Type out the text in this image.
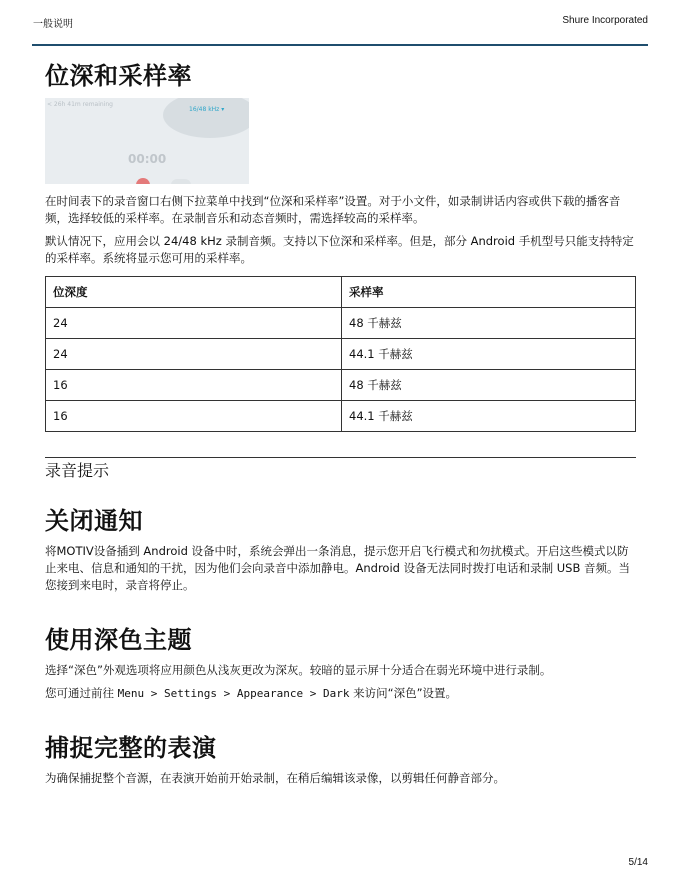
一般说明	Shure Incorporated
位深和采样率
< 26h 41m remaining
16/48 kHz ▾
00:00

在时间表下的录音窗口右侧下拉菜单中找到“位深和采样率”设置。对于小文件，如录制讲话内容或供下载的播客音频，选择较低的采样率。在录制音乐和动态音频时，需选择较高的采样率。

默认情况下，应用会以 24/48 kHz 录制音频。支持以下位深和采样率。但是，部分 Android 手机型号只能支持特定的采样率。系统将显示您可用的采样率。

位深度	采样率
24	48 千赫兹
24	44.1 千赫兹
16	48 千赫兹
16	44.1 千赫兹
录音提示
关闭通知

将MOTIV设备插到 Android 设备中时，系统会弹出一条消息，提示您开启飞行模式和勿扰模式。开启这些模式以防止来电、信息和通知的干扰，因为他们会向录音中添加静电。Android 设备无法同时拨打电话和录制 USB 音频。当您接到来电时，录音将停止。

使用深色主题

选择“深色”外观选项将应用颜色从浅灰更改为深灰。较暗的显示屏十分适合在弱光环境中进行录制。

您可通过前往 Menu > Settings > Appearance > Dark 来访问“深色”设置。

捕捉完整的表演

为确保捕捉整个音源，在表演开始前开始录制，在稍后编辑该录像，以剪辑任何静音部分。

5/14
